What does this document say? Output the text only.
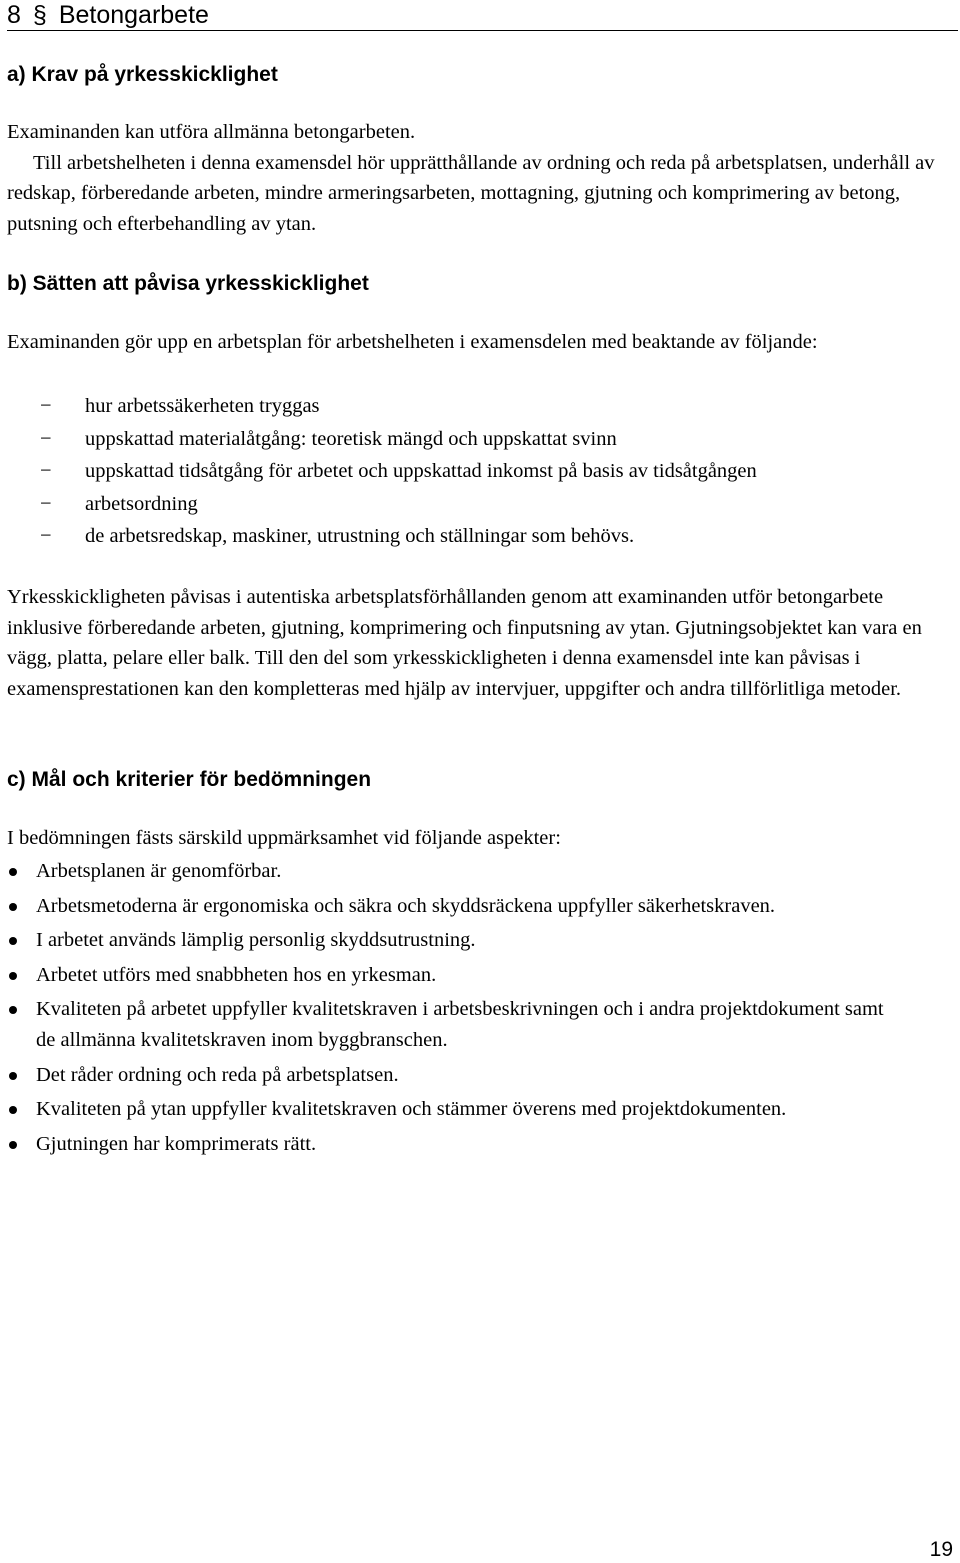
8 § Betongarbete
a) Krav på yrkesskicklighet

Examinanden kan utföra allmänna betongarbeten.
Till arbetshelheten i denna examensdel hör upprätthållande av ordning och reda på arbetsplatsen, underhåll av redskap, förberedande arbeten, mindre armeringsarbeten, mottagning, gjutning och komprimering av betong, putsning och efterbehandling av ytan.

b) Sätten att påvisa yrkesskicklighet

Examinanden gör upp en arbetsplan för arbetshelheten i examensdelen med beaktande av följande:

− hur arbetssäkerheten tryggas
− uppskattad materialåtgång: teoretisk mängd och uppskattat svinn
− uppskattad tidsåtgång för arbetet och uppskattad inkomst på basis av tidsåtgången
− arbetsordning
− de arbetsredskap, maskiner, utrustning och ställningar som behövs.

Yrkesskickligheten påvisas i autentiska arbetsplatsförhållanden genom att examinanden utför betongarbete inklusive förberedande arbeten, gjutning, komprimering och finputsning av ytan. Gjutningsobjektet kan vara en vägg, platta, pelare eller balk. Till den del som yrkesskickligheten i denna examensdel inte kan påvisas i examensprestationen kan den kompletteras med hjälp av intervjuer, uppgifter och andra tillförlitliga metoder.

c) Mål och kriterier för bedömningen

I bedömningen fästs särskild uppmärksamhet vid följande aspekter:

Arbetsplanen är genomförbar.
Arbetsmetoderna är ergonomiska och säkra och skyddsräckena uppfyller säkerhetskraven.
I arbetet används lämplig personlig skyddsutrustning.
Arbetet utförs med snabbheten hos en yrkesman.
Kvaliteten på arbetet uppfyller kvalitetskraven i arbetsbeskrivningen och i andra projektdokument samt de allmänna kvalitetskraven inom byggbranschen.
Det råder ordning och reda på arbetsplatsen.
Kvaliteten på ytan uppfyller kvalitetskraven och stämmer överens med projektdokumenten.
Gjutningen har komprimerats rätt.
19
